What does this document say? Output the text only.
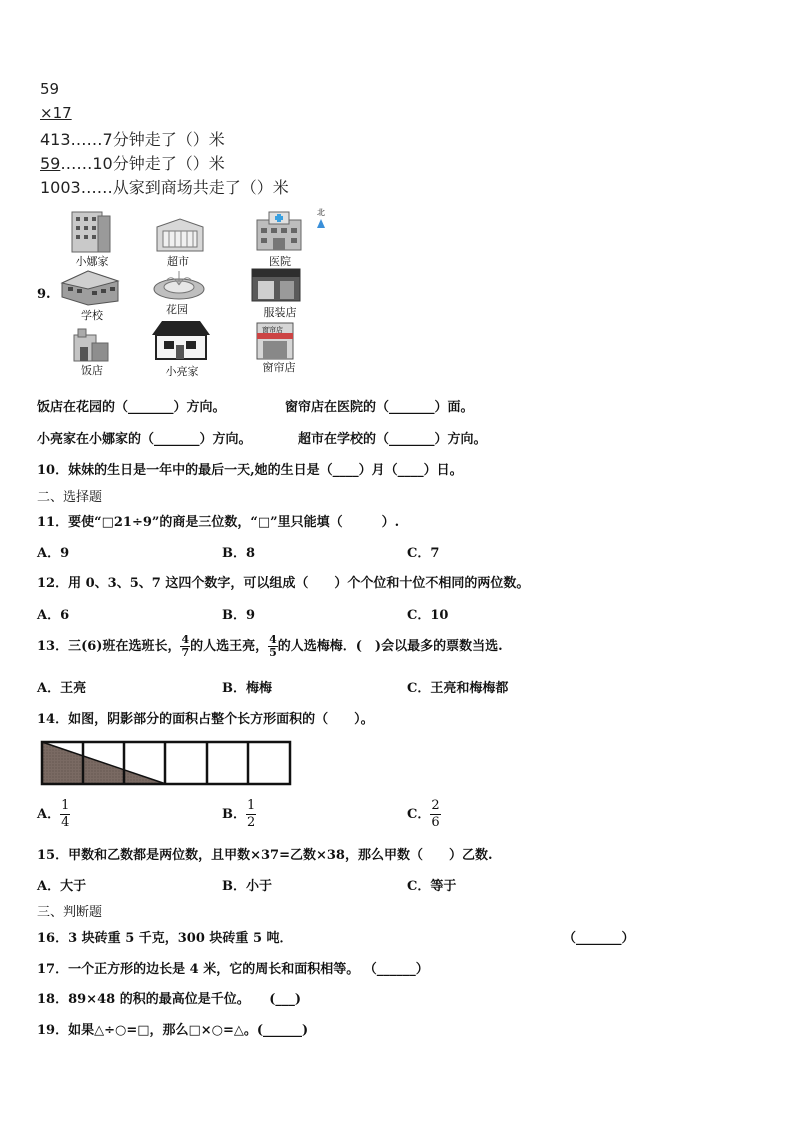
59
×17
413……7分钟走了（）米
59……10分钟走了（）米
1003……从家到商场共走了（）米
9.
北
小娜家	超市	医院
学校	花园	服装店
饭店	小亮家
窗帘店
窗帘店
饭店在花园的（_______）方向。	窗帘店在医院的（_______）面。
小亮家在小娜家的（_______）方向。	超市在学校的（_______）方向。
10．妹妹的生日是一年中的最后一天,她的生日是（____）月（____）日。
二、选择题
11．要使“□21÷9”的商是三位数，“□”里只能填（　　　）.
A．9	B．8	C．7
12．用 0、3、5、7 这四个数字，可以组成（　　）个个位和十位不相同的两位数。
A．6	B．9	C．10
13．三(6)班在选班长， $\frac{4}{7}$ 的人选王亮， $\frac{4}{5}$ 的人选梅梅．(　)会以最多的票数当选.
A．王亮	B．梅梅	C．王亮和梅梅都
14．如图，阴影部分的面积占整个长方形面积的（　　）。
A． $\frac{1}{4}$	B． $\frac{1}{2}$	C． $\frac{2}{6}$
15．甲数和乙数都是两位数，且甲数×37=乙数×38，那么甲数（　　）乙数.
A．大于	B．小于	C．等于
三、判断题
16．3 块砖重 5 千克，300 块砖重 5 吨．	（_______）
17．一个正方形的边长是 4 米，它的周长和面积相等。 （______）
18．89×48 的积的最高位是千位。　　(___)
19．如果△÷○=□，那么□×○=△。(______)
